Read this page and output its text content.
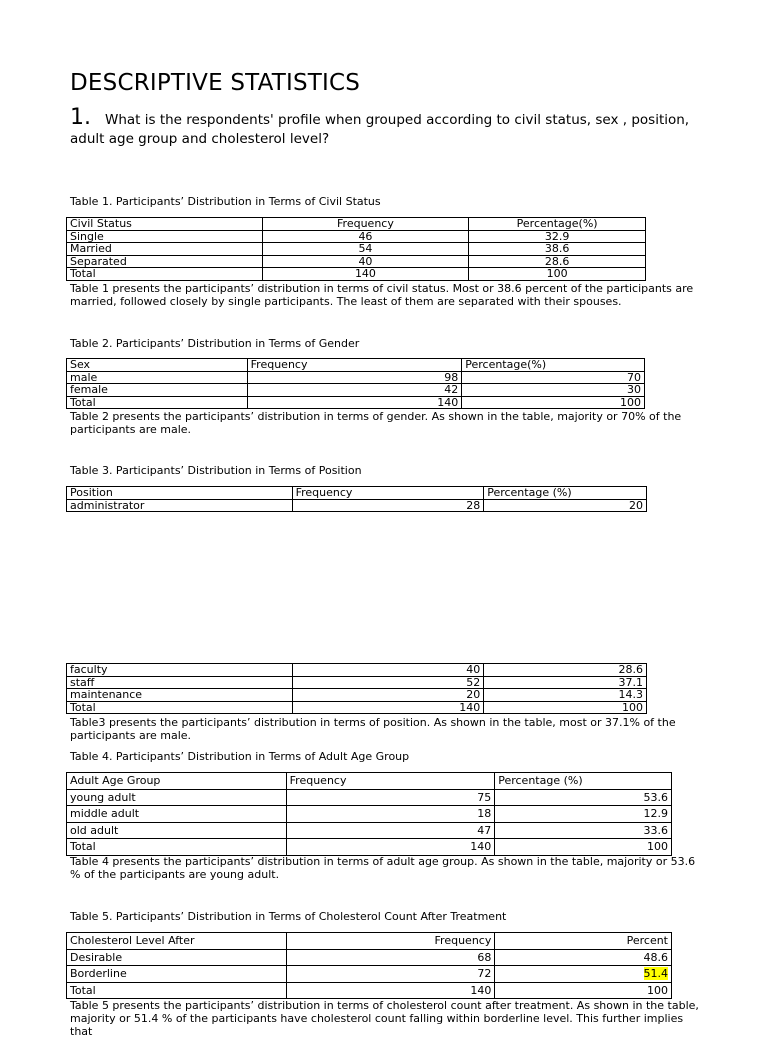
DESCRIPTIVE STATISTICS
1. What is the respondents' profile when grouped according to civil status, sex , position, adult age group and cholesterol level?
Table 1. Participants’ Distribution in Terms of Civil Status
Civil Status	Frequency	Percentage(%)
Single	46	32.9
Married	54	38.6
Separated	40	28.6
Total	140	100
Table 1 presents the participants’ distribution in terms of civil status. Most or 38.6 percent of the participants are married, followed closely by single participants. The least of them are separated with their spouses.
Table 2. Participants’ Distribution in Terms of Gender
Sex	Frequency	Percentage(%)
male	98	70
female	42	30
Total	140	100
Table 2 presents the participants’ distribution in terms of gender. As shown in the table, majority or 70% of the participants are male.
Table 3. Participants’ Distribution in Terms of Position
Position	Frequency	Percentage (%)
administrator	28	20
faculty	40	28.6
staff	52	37.1
maintenance	20	14.3
Total	140	100
Table3 presents the participants’ distribution in terms of position. As shown in the table, most or 37.1% of the participants are male.
Table 4. Participants’ Distribution in Terms of Adult Age Group
Adult Age Group	Frequency	Percentage (%)
young adult	75	53.6
middle adult	18	12.9
old adult	47	33.6
Total	140	100
Table 4 presents the participants’ distribution in terms of adult age group. As shown in the table, majority or 53.6 % of the participants are young adult.
Table 5. Participants’ Distribution in Terms of Cholesterol Count After Treatment
Cholesterol Level After	Frequency	Percent
Desirable	68	48.6
Borderline	72	51.4
Total	140	100
Table 5 presents the participants’ distribution in terms of cholesterol count after treatment. As shown in the table, majority or 51.4 % of the participants have cholesterol count falling within borderline level. This further implies that
